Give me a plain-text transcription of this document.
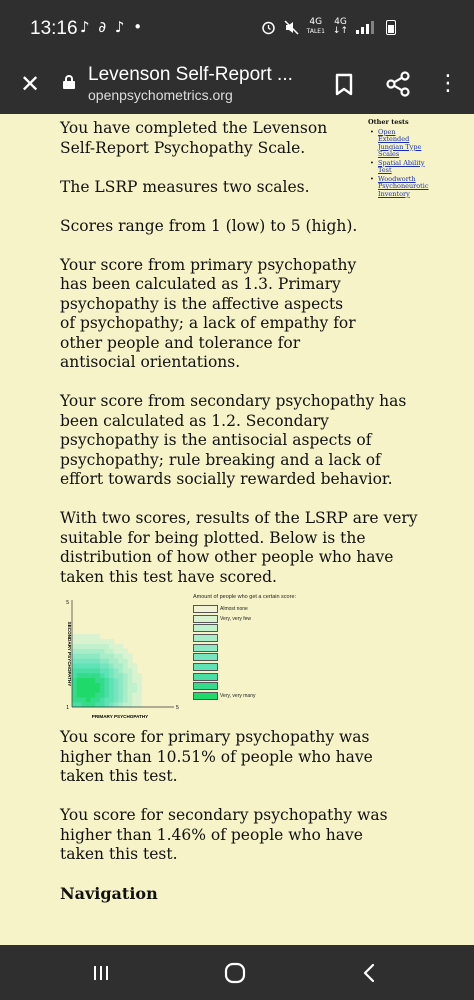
13:16 ♪ ∂ ♪ •	4G
TALE1
4G
↓↑
✕	Levenson Self-Report ...
openpsychometrics.org	⋮

You have completed the Levenson Self-Report Psychopathy Scale.

The LSRP measures two scales.

Scores range from 1 (low) to 5 (high).

Your score from primary psychopathy has been calculated as 1.3. Primary psychopathy is the affective aspects of psychopathy; a lack of empathy for other people and tolerance for antisocial orientations.

Your score from secondary psychopathy has been calculated as 1.2. Secondary psychopathy is the antisocial aspects of psychopathy; rule breaking and a lack of effort towards socially rewarded behavior.

With two scores, results of the LSRP are very suitable for being plotted. Below is the distribution of how other people who have taken this test have scored.

Other tests
• Open Extended Jungian Type Scales
• Spatial Ability Test
• Woodworth Psychoneurotic Inventory
5
1	5
PRIMARY PSYCHOPATHY
SECONDARY PSYCHOPATHY
Amount of people who get a certain score:
Almost none
Very, very few
Very, very many

You score for primary psychopathy was higher than 10.51% of people who have taken this test.

You score for secondary psychopathy was higher than 1.46% of people who have taken this test.

Navigation
